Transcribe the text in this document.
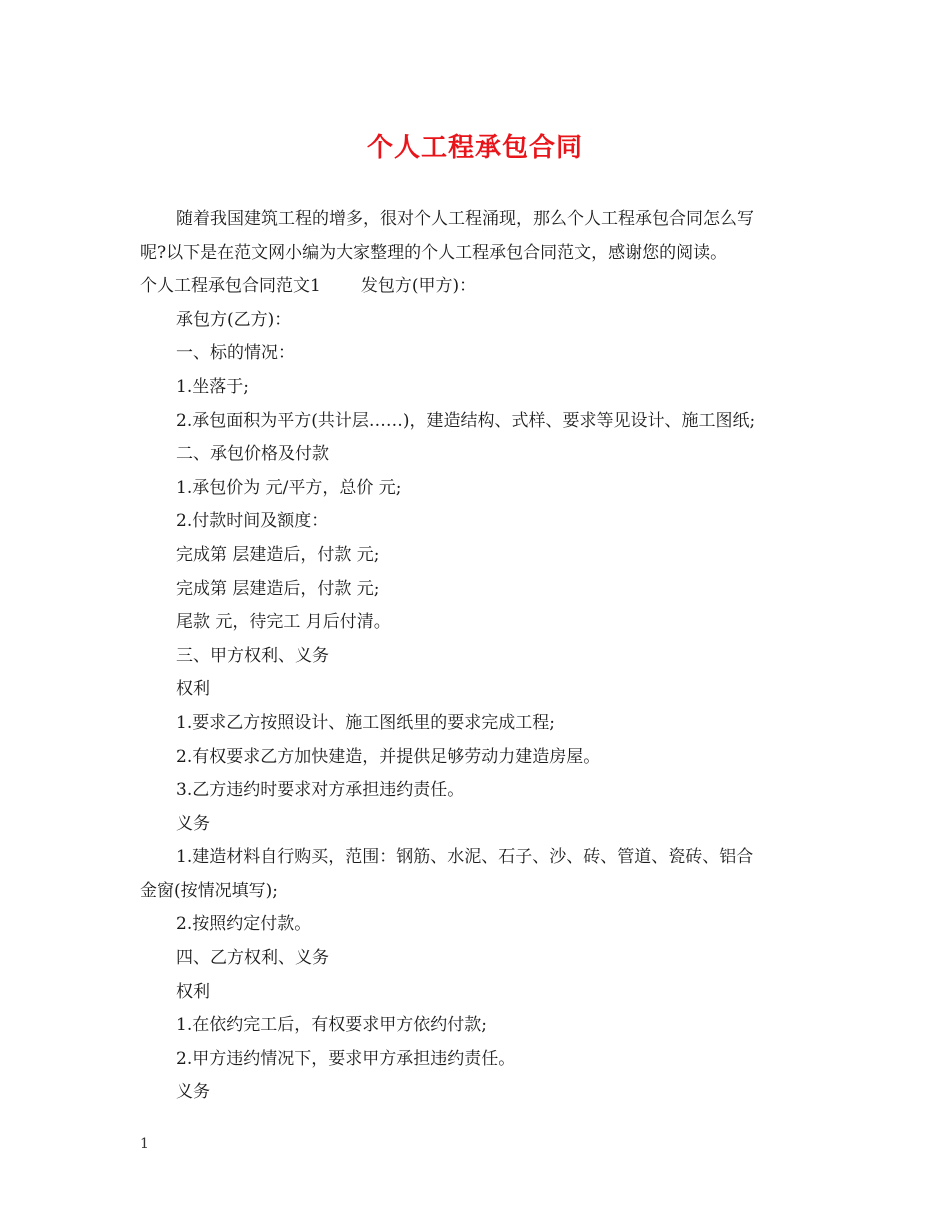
个人工程承包合同

随着我国建筑工程的增多，很对个人工程涌现，那么个人工程承包合同怎么写

呢?以下是在范文网小编为大家整理的个人工程承包合同范文，感谢您的阅读。

个人工程承包合同范文1 发包方(甲方)：

承包方(乙方)：

一、标的情况：

1.坐落于;

2.承包面积为平方(共计层……)，建造结构、式样、要求等见设计、施工图纸;

二、承包价格及付款

1.承包价为 元/平方，总价 元;

2.付款时间及额度：

完成第 层建造后，付款 元;

完成第 层建造后，付款 元;

尾款 元，待完工 月后付清。

三、甲方权利、义务

权利

1.要求乙方按照设计、施工图纸里的要求完成工程;

2.有权要求乙方加快建造，并提供足够劳动力建造房屋。

3.乙方违约时要求对方承担违约责任。

义务

1.建造材料自行购买，范围：钢筋、水泥、石子、沙、砖、管道、瓷砖、铝合

金窗(按情况填写);

2.按照约定付款。

四、乙方权利、义务

权利

1.在依约完工后，有权要求甲方依约付款;

2.甲方违约情况下，要求甲方承担违约责任。

义务

1
